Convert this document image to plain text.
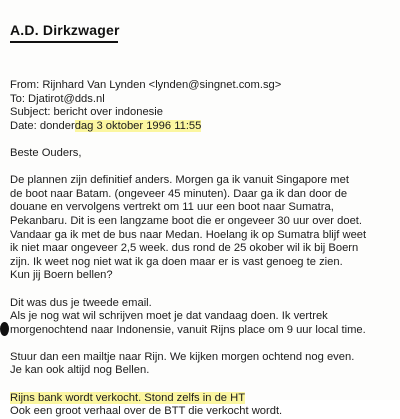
A.D. Dirkzwager
From: Rijnhard Van Lynden <lynden@singnet.com.sg>
To: Djatirot@dds.nl
Subject: bericht over indonesie
Date: donderdag 3 oktober 1996 11:55
Beste Ouders,
De plannen zijn definitief anders. Morgen ga ik vanuit Singapore met
de boot naar Batam. (ongeveer 45 minuten). Daar ga ik dan door de
douane en vervolgens vertrekt om 11 uur een boot naar Sumatra,
Pekanbaru. Dit is een langzame boot die er ongeveer 30 uur over doet.
Vandaar ga ik met de bus naar Medan. Hoelang ik op Sumatra blijf weet
ik niet maar ongeveer 2,5 week. dus rond de 25 okober wil ik bij Boern
zijn. Ik weet nog niet wat ik ga doen maar er is vast genoeg te zien.
Kun jij Boern bellen?
Dit was dus je tweede email.
Als je nog wat wil schrijven moet je dat vandaag doen. Ik vertrek
morgenochtend naar Indonensie, vanuit Rijns place om 9 uur local time.
Stuur dan een mailtje naar Rijn. We kijken morgen ochtend nog even.
Je kan ook altijd nog Bellen.
Rijns bank wordt verkocht. Stond zelfs in de HT
Ook een groot verhaal over de BTT die verkocht wordt.
